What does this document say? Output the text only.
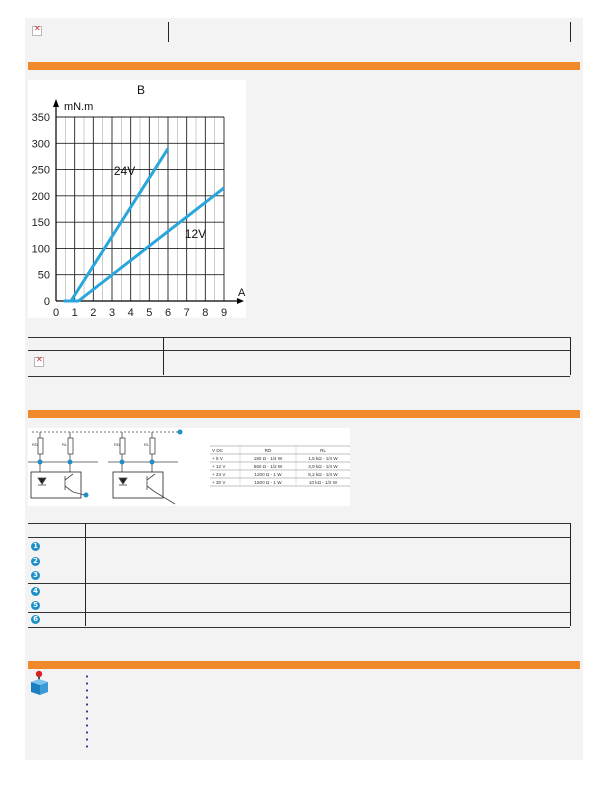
✕
0
50
100
150
200
250
300
350
0 1 2 3 4 5 6 7 8 9
B
mN.m
A
24V
12V
✕
RD	RL	RD	RL
V DC	RD	RL
+ 5 V	180 Ω - 1/4 W	1,5 kΩ - 1/4 W
+ 12 V	560 Ω - 1/2 W	3,9 kΩ - 1/4 W
+ 24 V	1200 Ω - 1 W	8,2 kΩ - 1/4 W
+ 30 V	1500 Ω - 1 W	10 kΩ - 1/2 W
1
2
3
4
5
6
